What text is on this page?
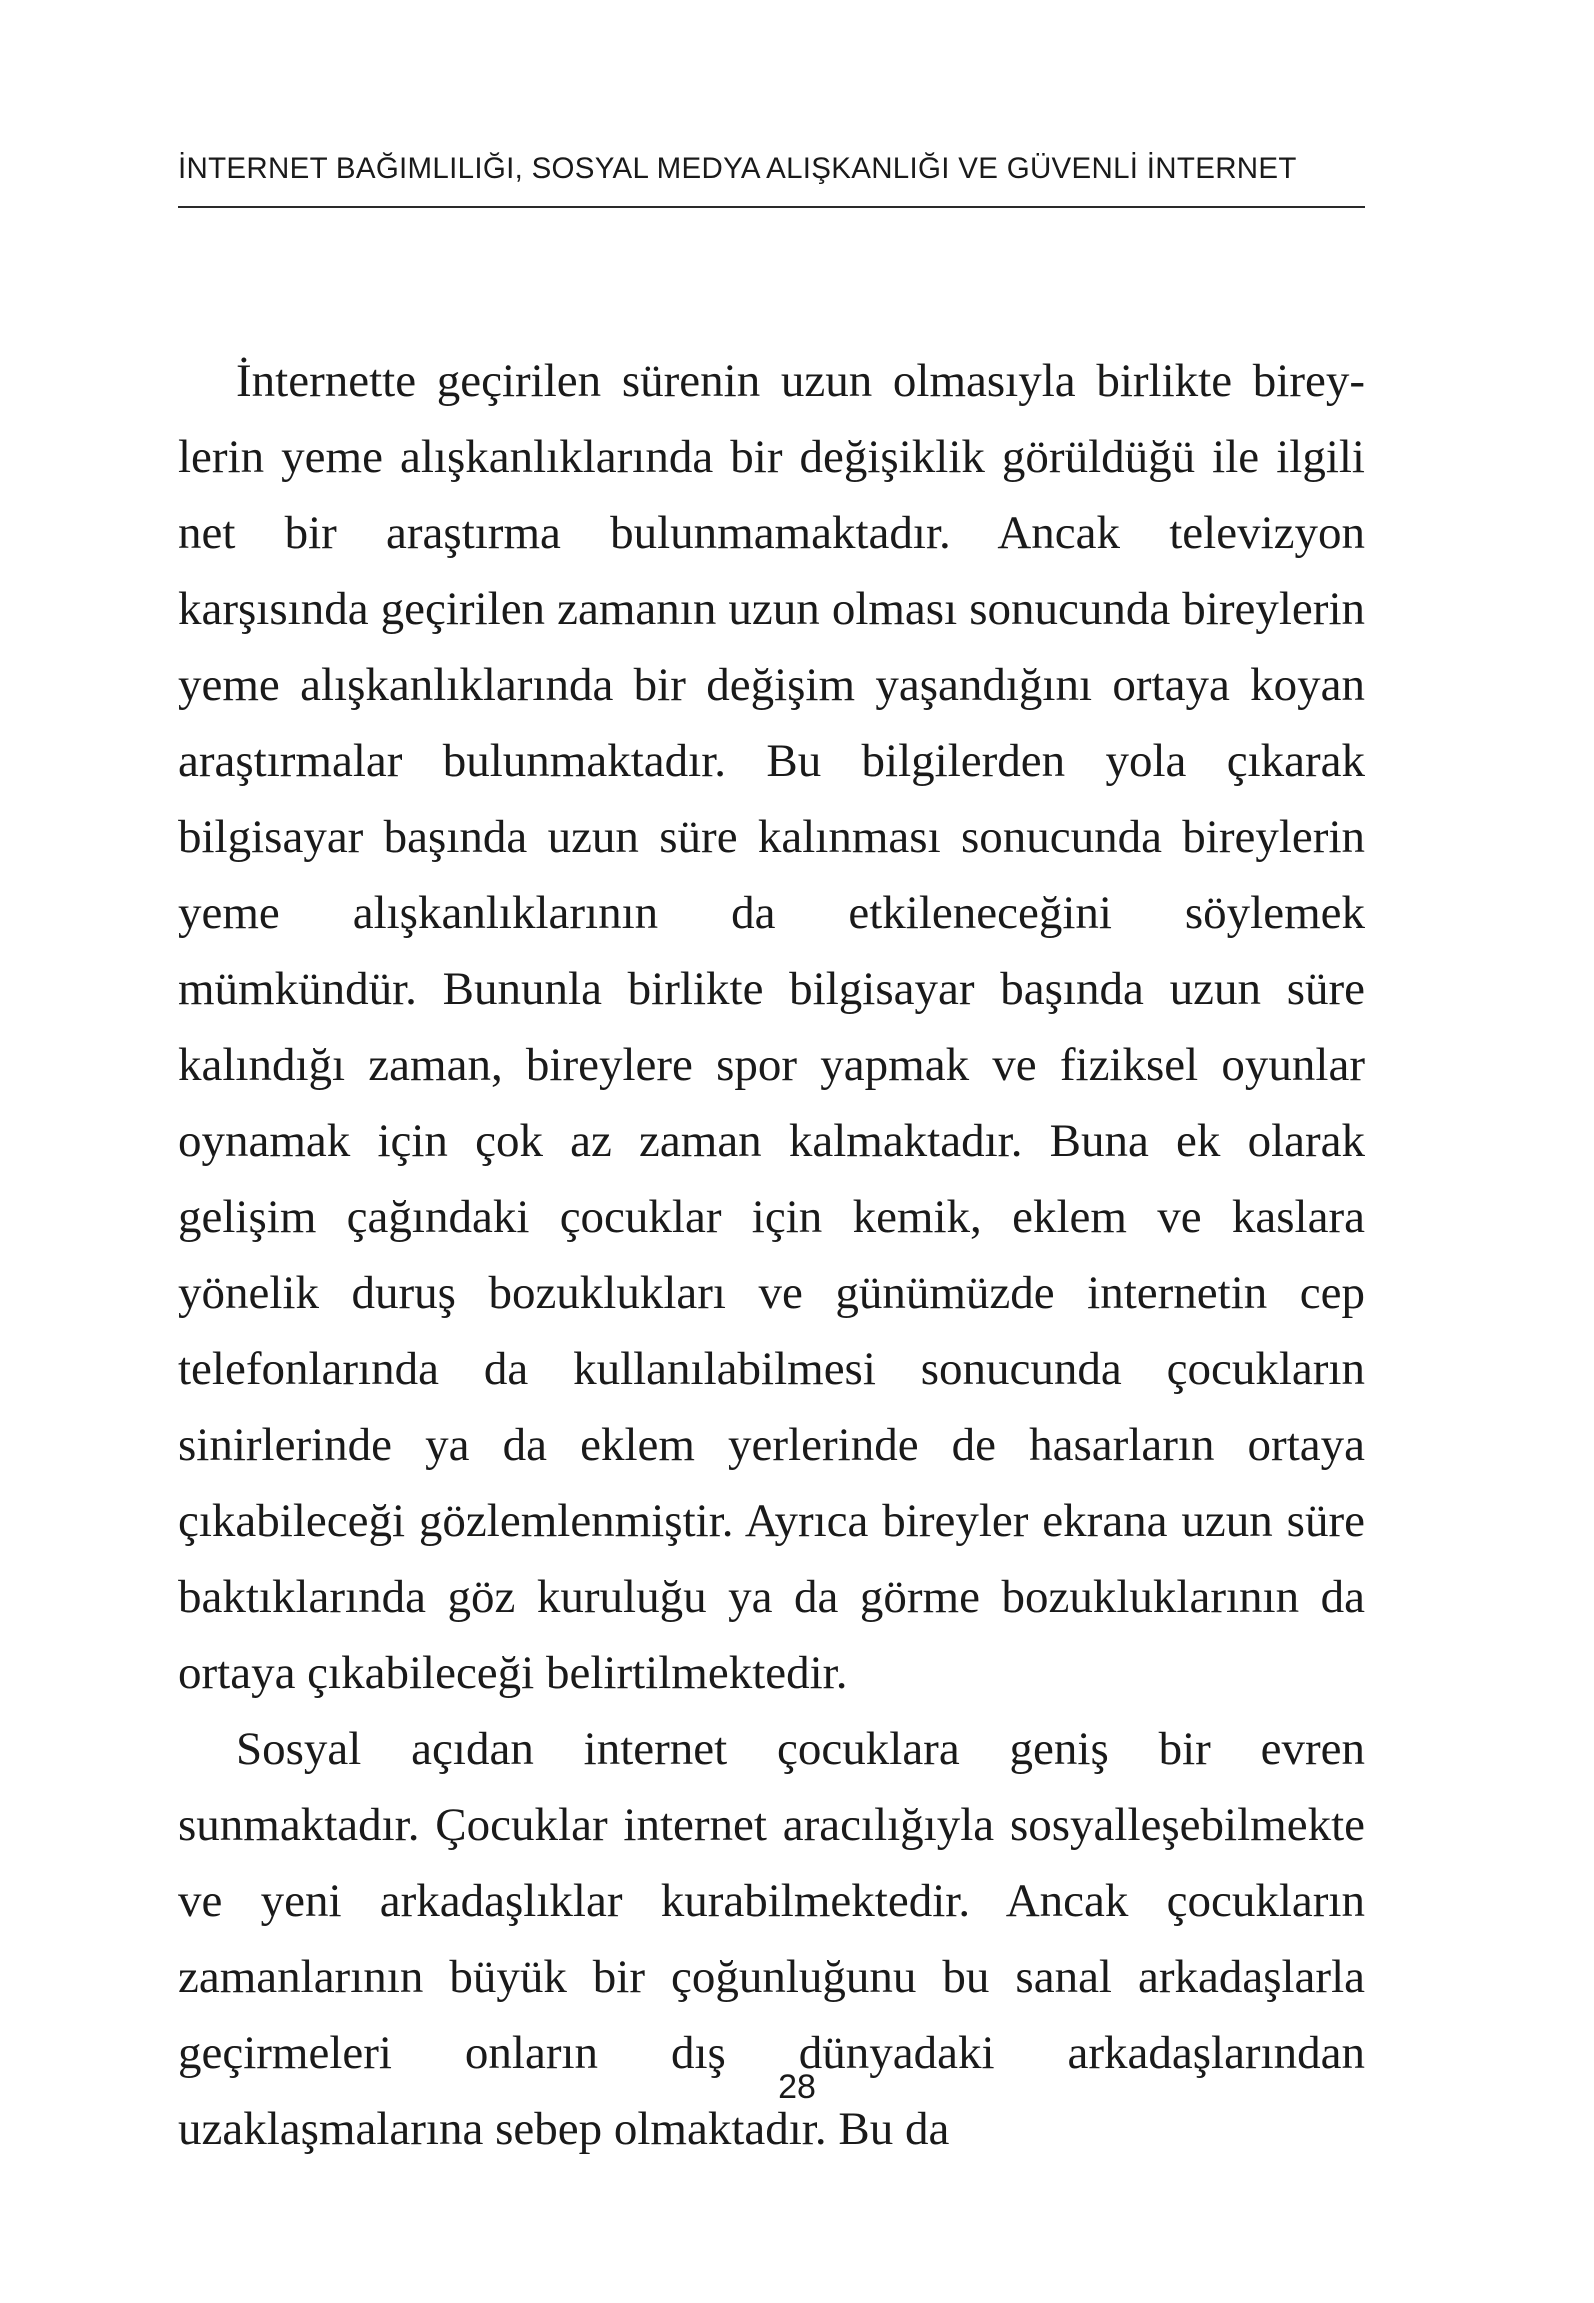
İNTERNET BAĞIMLILIĞI, SOSYAL MEDYA ALIŞKANLIĞI VE GÜVENLİ İNTERNET

İnternette geçirilen sürenin uzun olmasıyla birlikte bireylerin yeme alışkanlıklarında bir değişiklik görüldüğü ile ilgili net bir araştırma bulunmamaktadır. Ancak televizyon karşısında geçirilen zamanın uzun olması sonucunda bireylerin yeme alışkanlıklarında bir değişim yaşandığını ortaya koyan araştırmalar bulunmaktadır. Bu bilgilerden yola çıkarak bilgisayar başında uzun süre kalınması sonucunda bireylerin yeme alışkanlıklarının da etkileneceğini söylemek mümkündür. Bununla birlikte bilgisayar başında uzun süre kalındığı zaman, bireylere spor yapmak ve fiziksel oyunlar oynamak için çok az zaman kalmaktadır. Buna ek olarak gelişim çağındaki çocuklar için kemik, eklem ve kaslara yönelik duruş bozuklukları ve günümüzde internetin cep telefonlarında da kullanılabilmesi sonucunda çocukların sinirlerinde ya da eklem yerlerinde de hasarların ortaya çıkabileceği gözlemlenmiştir. Ayrıca bireyler ekrana uzun süre baktıklarında göz kuruluğu ya da görme bozukluklarının da ortaya çıkabileceği belirtilmektedir.

Sosyal açıdan internet çocuklara geniş bir evren sunmaktadır. Çocuklar internet aracılığıyla sosyalleşebilmekte ve yeni arkadaşlıklar kurabilmektedir. Ancak çocukların zamanlarının büyük bir çoğunluğunu bu sanal arkadaşlarla geçirmeleri onların dış dünyadaki arkadaşlarından uzaklaşmalarına sebep olmaktadır. Bu da

28
